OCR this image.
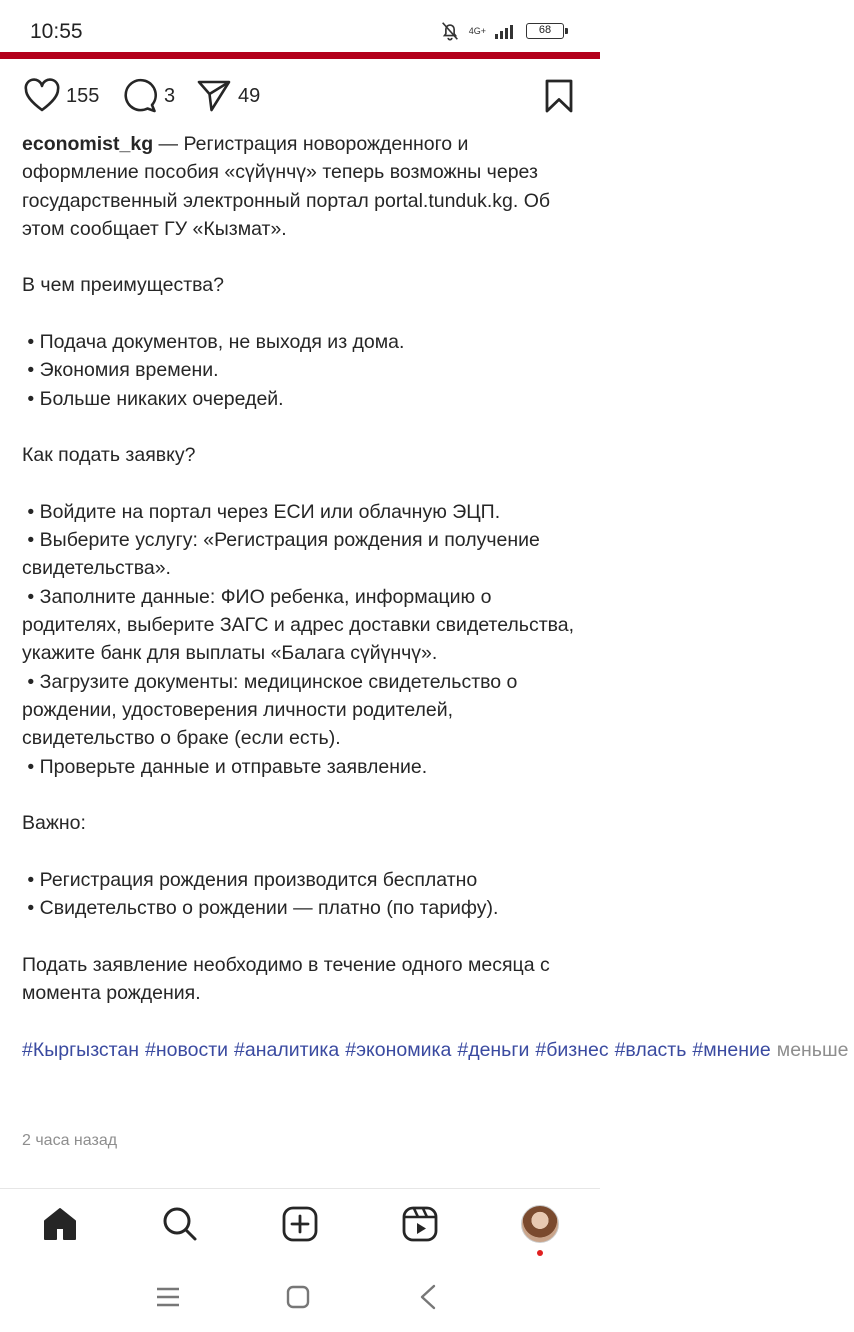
10:55	4G+	68
155	3	49

economist_kg — Регистрация новорожденного и оформление пособия «сүйүнчү» теперь возможны через государственный электронный портал portal.tunduk.kg. Об этом сообщает ГУ «Кызмат».

В чем преимущества?

• Подача документов, не выходя из дома.

• Экономия времени.

• Больше никаких очередей.

Как подать заявку?

• Войдите на портал через ЕСИ или облачную ЭЦП.

• Выберите услугу: «Регистрация рождения и получение свидетельства».

• Заполните данные: ФИО ребенка, информацию о родителях, выберите ЗАГС и адрес доставки свидетельства, укажите банк для выплаты «Балага сүйүнчү».

• Загрузите документы: медицинское свидетельство о рождении, удостоверения личности родителей, свидетельство о браке (если есть).

• Проверьте данные и отправьте заявление.

Важно:

• Регистрация рождения производится бесплатно

• Свидетельство о рождении — платно (по тарифу).

Подать заявление необходимо в течение одного месяца с момента рождения.

#Кыргызстан #новости #аналитика #экономика #деньги #бизнес #власть #мнение меньше

2 часа назад
